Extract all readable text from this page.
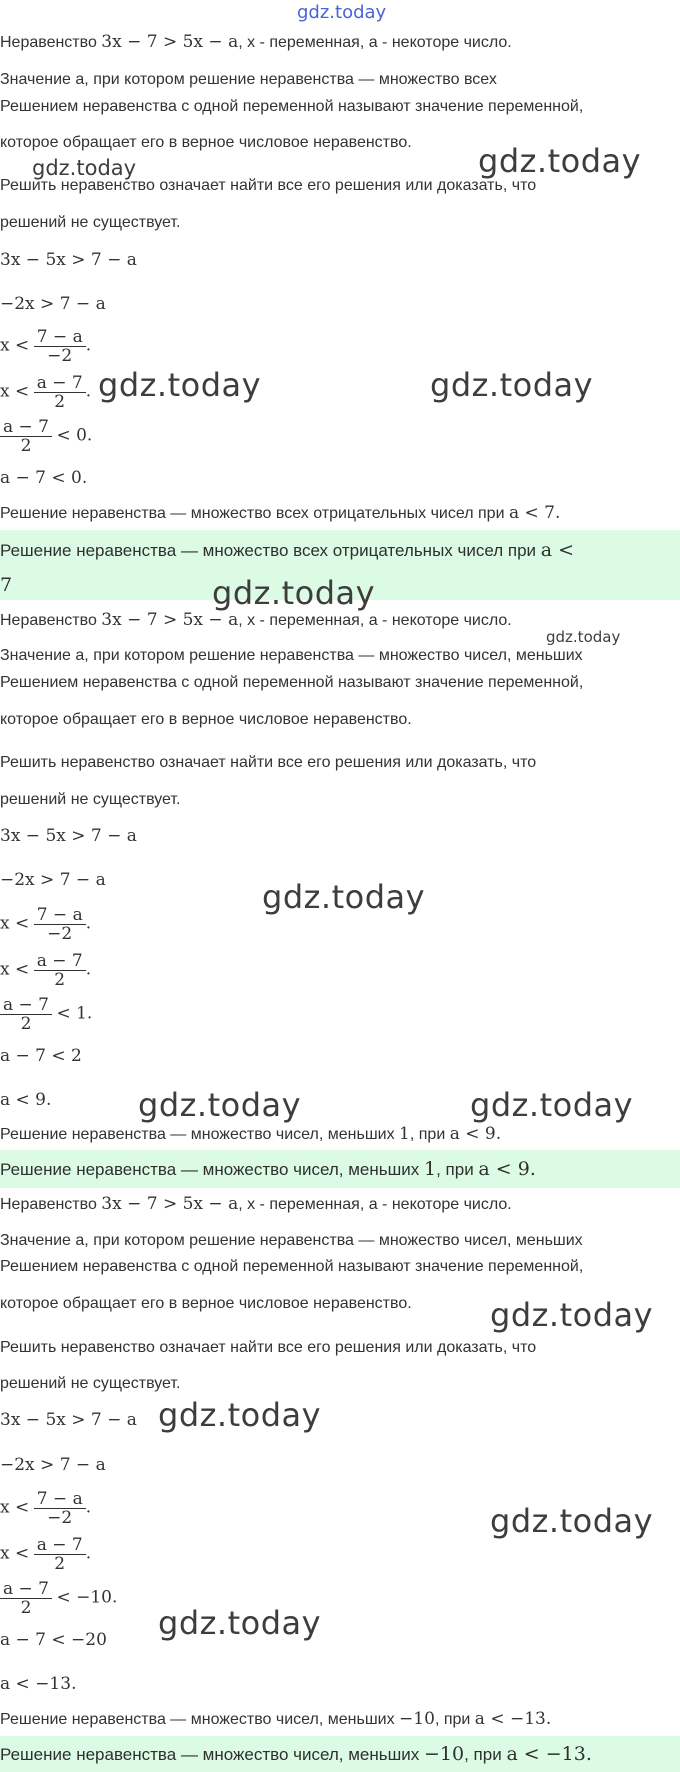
gdz.today
Неравенство 3x − 7 > 5x − a, x - переменная, a - некоторе число.
Значение a, при котором решение неравенства — множество всех
Решением неравенства с одной переменной называют значение переменной,
которое обращает его в верное числовое неравенство.
Решить неравенство означает найти все его решения или доказать, что
решений не существует.
3x − 5x > 7 − a
−2x > 7 − a
$x < \frac{7 - a}{-2}$ .
$x < \frac{a - 7}{2}$ .
$\frac{a - 7}{2} < 0$.
a − 7 < 0.
Решение неравенства — множество всех отрицательных чисел при a < 7.
Решение неравенства — множество всех отрицательных чисел при a <
7
Неравенство 3x − 7 > 5x − a, x - переменная, a - некоторе число.
Значение a, при котором решение неравенства — множество чисел, меньших
Решением неравенства с одной переменной называют значение переменной,
которое обращает его в верное числовое неравенство.
Решить неравенство означает найти все его решения или доказать, что
решений не существует.
3x − 5x > 7 − a
−2x > 7 − a
$x < \frac{7 - a}{-2}$ .
$x < \frac{a - 7}{2}$ .
$\frac{a - 7}{2} < 1$.
a − 7 < 2
a < 9.
Решение неравенства — множество чисел, меньших 1, при a < 9.
Решение неравенства — множество чисел, меньших 1, при a < 9.
Неравенство 3x − 7 > 5x − a, x - переменная, a - некоторе число.
Значение a, при котором решение неравенства — множество чисел, меньших
Решением неравенства с одной переменной называют значение переменной,
которое обращает его в верное числовое неравенство.
Решить неравенство означает найти все его решения или доказать, что
решений не существует.
3x − 5x > 7 − a
−2x > 7 − a
$x < \frac{7 - a}{-2}$ .
$x < \frac{a - 7}{2}$ .
$\frac{a - 7}{2} < -10$.
a − 7 < −20
a < −13.
Решение неравенства — множество чисел, меньших −10, при a < −13.
Решение неравенства — множество чисел, меньших −10, при a < −13.
gdz.today	gdz.today
gdz.today	gdz.today
gdz.today
gdz.today
gdz.today
gdz.today	gdz.today
gdz.today
gdz.today
gdz.today
gdz.today
